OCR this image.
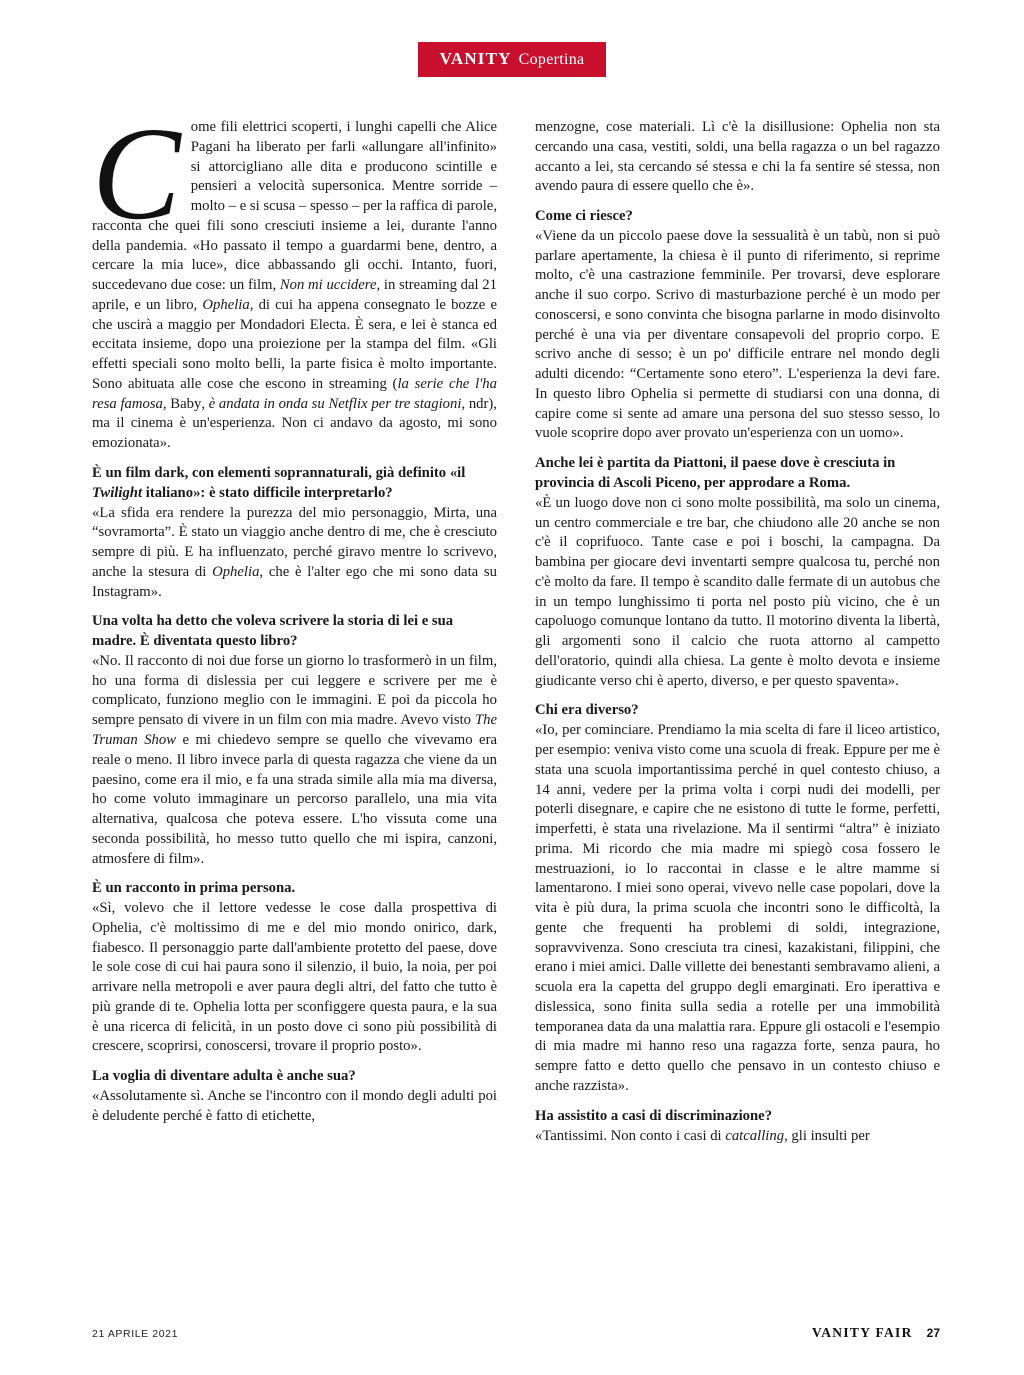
VANITY Copertina

Come fili elettrici scoperti, i lunghi capelli che Alice Pagani ha liberato per farli «allungare all'infinito» si attorcigliano alle dita e producono scintille e pensieri a velocità supersonica. Mentre sorride – molto – e si scusa – spesso – per la raffica di parole, racconta che quei fili sono cresciuti insieme a lei, durante l'anno della pandemia. «Ho passato il tempo a guardarmi bene, dentro, a cercare la mia luce», dice abbassando gli occhi. Intanto, fuori, succedevano due cose: un film, Non mi uccidere, in streaming dal 21 aprile, e un libro, Ophelia, di cui ha appena consegnato le bozze e che uscirà a maggio per Mondadori Electa. È sera, e lei è stanca ed eccitata insieme, dopo una proiezione per la stampa del film. «Gli effetti speciali sono molto belli, la parte fisica è molto importante. Sono abituata alle cose che escono in streaming (la serie che l'ha resa famosa, Baby, è andata in onda su Netflix per tre stagioni, ndr), ma il cinema è un'esperienza. Non ci andavo da agosto, mi sono emozionata».

È un film dark, con elementi soprannaturali, già definito «il Twilight italiano»: è stato difficile interpretarlo?

«La sfida era rendere la purezza del mio personaggio, Mirta, una “sovramorta”. È stato un viaggio anche dentro di me, che è cresciuto sempre di più. E ha influenzato, perché giravo mentre lo scrivevo, anche la stesura di Ophelia, che è l'alter ego che mi sono data su Instagram».

Una volta ha detto che voleva scrivere la storia di lei e sua madre. È diventata questo libro?

«No. Il racconto di noi due forse un giorno lo trasformerò in un film, ho una forma di dislessia per cui leggere e scrivere per me è complicato, funziono meglio con le immagini. E poi da piccola ho sempre pensato di vivere in un film con mia madre. Avevo visto The Truman Show e mi chiedevo sempre se quello che vivevamo era reale o meno. Il libro invece parla di questa ragazza che viene da un paesino, come era il mio, e fa una strada simile alla mia ma diversa, ho come voluto immaginare un percorso parallelo, una mia vita alternativa, qualcosa che poteva essere. L'ho vissuta come una seconda possibilità, ho messo tutto quello che mi ispira, canzoni, atmosfere di film».

È un racconto in prima persona.

«Sì, volevo che il lettore vedesse le cose dalla prospettiva di Ophelia, c'è moltissimo di me e del mio mondo onirico, dark, fiabesco. Il personaggio parte dall'ambiente protetto del paese, dove le sole cose di cui hai paura sono il silenzio, il buio, la noia, per poi arrivare nella metropoli e aver paura degli altri, del fatto che tutto è più grande di te. Ophelia lotta per sconfiggere questa paura, e la sua è una ricerca di felicità, in un posto dove ci sono più possibilità di crescere, scoprirsi, conoscersi, trovare il proprio posto».

La voglia di diventare adulta è anche sua?

«Assolutamente sì. Anche se l'incontro con il mondo degli adulti poi è deludente perché è fatto di etichette,

menzogne, cose materiali. Lì c'è la disillusione: Ophelia non sta cercando una casa, vestiti, soldi, una bella ragazza o un bel ragazzo accanto a lei, sta cercando sé stessa e chi la fa sentire sé stessa, non avendo paura di essere quello che è».

Come ci riesce?

«Viene da un piccolo paese dove la sessualità è un tabù, non si può parlare apertamente, la chiesa è il punto di riferimento, si reprime molto, c'è una castrazione femminile. Per trovarsi, deve esplorare anche il suo corpo. Scrivo di masturbazione perché è un modo per conoscersi, e sono convinta che bisogna parlarne in modo disinvolto perché è una via per diventare consapevoli del proprio corpo. E scrivo anche di sesso; è un po' difficile entrare nel mondo degli adulti dicendo: “Certamente sono etero”. L'esperienza la devi fare. In questo libro Ophelia si permette di studiarsi con una donna, di capire come si sente ad amare una persona del suo stesso sesso, lo vuole scoprire dopo aver provato un'esperienza con un uomo».

Anche lei è partita da Piattoni, il paese dove è cresciuta in provincia di Ascoli Piceno, per approdare a Roma.

«È un luogo dove non ci sono molte possibilità, ma solo un cinema, un centro commerciale e tre bar, che chiudono alle 20 anche se non c'è il coprifuoco. Tante case e poi i boschi, la campagna. Da bambina per giocare devi inventarti sempre qualcosa tu, perché non c'è molto da fare. Il tempo è scandito dalle fermate di un autobus che in un tempo lunghissimo ti porta nel posto più vicino, che è un capoluogo comunque lontano da tutto. Il motorino diventa la libertà, gli argomenti sono il calcio che ruota attorno al campetto dell'oratorio, quindi alla chiesa. La gente è molto devota e insieme giudicante verso chi è aperto, diverso, e per questo spaventa».

Chi era diverso?

«Io, per cominciare. Prendiamo la mia scelta di fare il liceo artistico, per esempio: veniva visto come una scuola di freak. Eppure per me è stata una scuola importantissima perché in quel contesto chiuso, a 14 anni, vedere per la prima volta i corpi nudi dei modelli, per poterli disegnare, e capire che ne esistono di tutte le forme, perfetti, imperfetti, è stata una rivelazione. Ma il sentirmi “altra” è iniziato prima. Mi ricordo che mia madre mi spiegò cosa fossero le mestruazioni, io lo raccontai in classe e le altre mamme si lamentarono. I miei sono operai, vivevo nelle case popolari, dove la vita è più dura, la prima scuola che incontri sono le difficoltà, la gente che frequenti ha problemi di soldi, integrazione, sopravvivenza. Sono cresciuta tra cinesi, kazakistani, filippini, che erano i miei amici. Dalle villette dei benestanti sembravamo alieni, a scuola era la capetta del gruppo degli emarginati. Ero iperattiva e dislessica, sono finita sulla sedia a rotelle per una immobilità temporanea data da una malattia rara. Eppure gli ostacoli e l'esempio di mia madre mi hanno reso una ragazza forte, senza paura, ho sempre fatto e detto quello che pensavo in un contesto chiuso e anche razzista».

Ha assistito a casi di discriminazione?

«Tantissimi. Non conto i casi di catcalling, gli insulti per

21 APRILE 2021	VANITY FAIR 27
